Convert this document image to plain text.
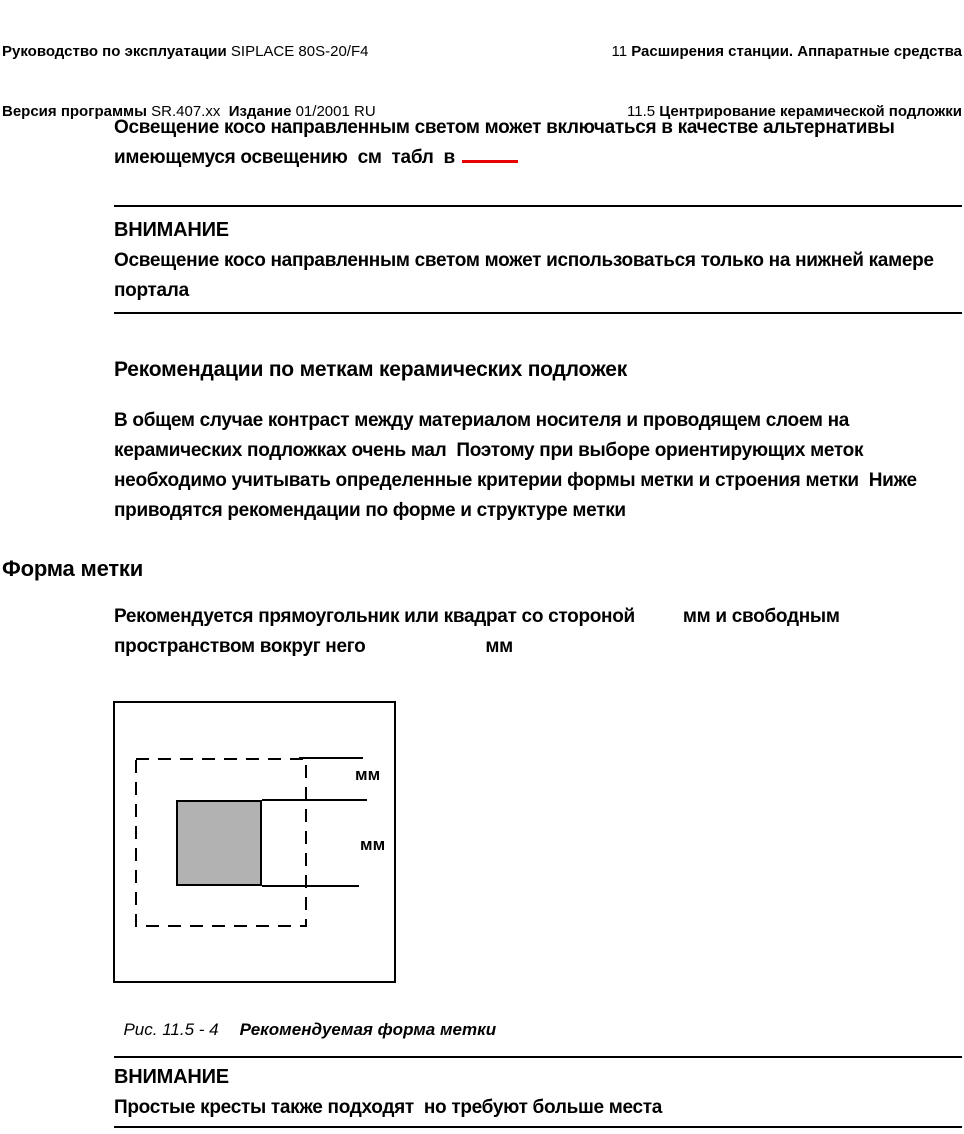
Руководство по эксплуатации SIPLACE 80S-20/F4

Версия программы SR.407.xx  Издание 01/2001 RU

11 Расширения станции. Аппаратные средства

11.5 Центрирование керамической подложки

Освещение косо направленным светом может включаться в качестве альтернативы
имеющемуся освещению  см  табл  в
ВНИМАНИЕ
Освещение косо направленным светом может использоваться только на нижней камере
портала
Рекомендации по меткам керамических подложек
В общем случае контраст между материалом носителя и проводящем слоем на
керамических подложках очень мал  Поэтому при выборе ориентирующих меток
необходимо учитывать определенные критерии формы метки и строения метки  Ниже
приводятся рекомендации по форме и структуре метки
Форма метки
Рекомендуется прямоугольник или квадрат со стороной	мм и свободным
пространством вокруг него	мм
мм
мм

Рис. 11.5 - 4 Рекомендуемая форма метки

ВНИМАНИЕ
Простые кресты также подходят  но требуют больше места
